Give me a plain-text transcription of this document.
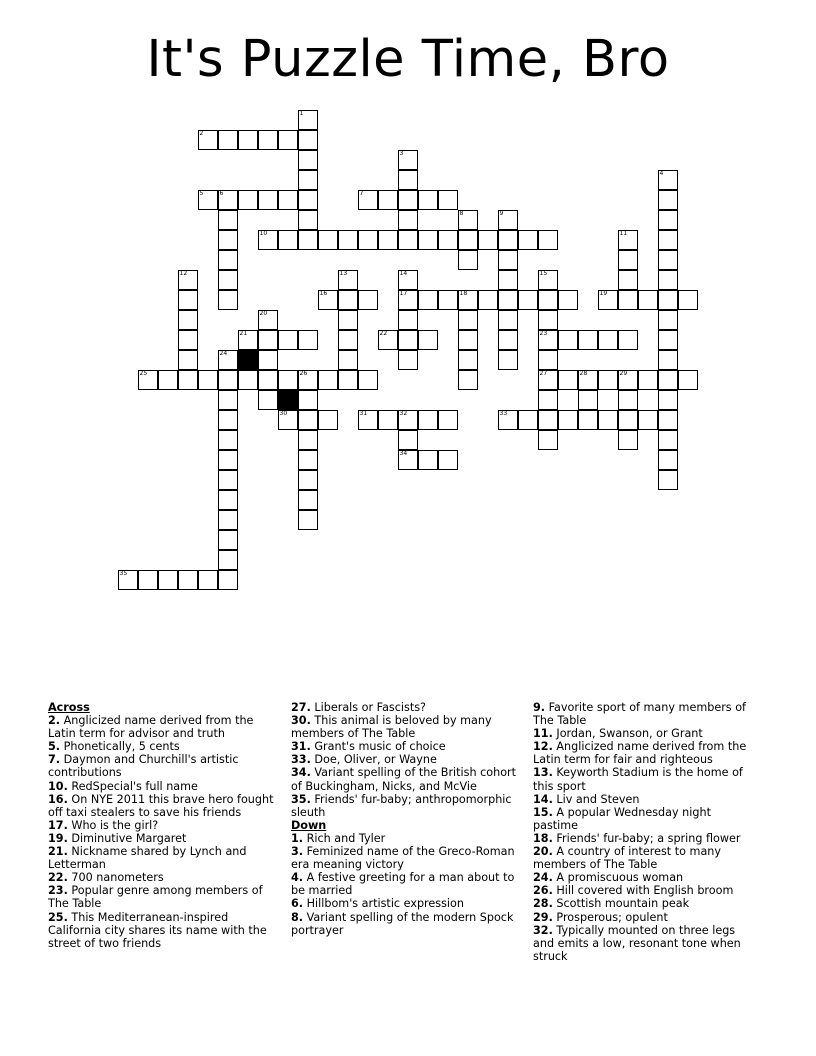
It's Puzzle Time, Bro
1
2
3
4
5	6	7
8	9
10	11
12	13	14	15
16	17	18	19
20
21	22	23
24
25	26	27	28	29
30	31	32	33
34
35
Across
2. Anglicized name derived from the Latin term for advisor and truth
5. Phonetically, 5 cents
7. Daymon and Churchill's artistic contributions
10. RedSpecial's full name
16. On NYE 2011 this brave hero fought off taxi stealers to save his friends
17. Who is the girl?
19. Diminutive Margaret
21. Nickname shared by Lynch and Letterman
22. 700 nanometers
23. Popular genre among members of The Table
25. This Mediterranean-inspired California city shares its name with the street of two friends
27. Liberals or Fascists?
30. This animal is beloved by many members of The Table
31. Grant's music of choice
33. Doe, Oliver, or Wayne
34. Variant spelling of the British cohort of Buckingham, Nicks, and McVie
35. Friends' fur-baby; anthropomorphic sleuth
Down
1. Rich and Tyler
3. Feminized name of the Greco-Roman era meaning victory
4. A festive greeting for a man about to be married
6. Hillbom's artistic expression
8. Variant spelling of the modern Spock portrayer
9. Favorite sport of many members of The Table
11. Jordan, Swanson, or Grant
12. Anglicized name derived from the Latin term for fair and righteous
13. Keyworth Stadium is the home of this sport
14. Liv and Steven
15. A popular Wednesday night pastime
18. Friends' fur-baby; a spring flower
20. A country of interest to many members of The Table
24. A promiscuous woman
26. Hill covered with English broom
28. Scottish mountain peak
29. Prosperous; opulent
32. Typically mounted on three legs and emits a low, resonant tone when struck
